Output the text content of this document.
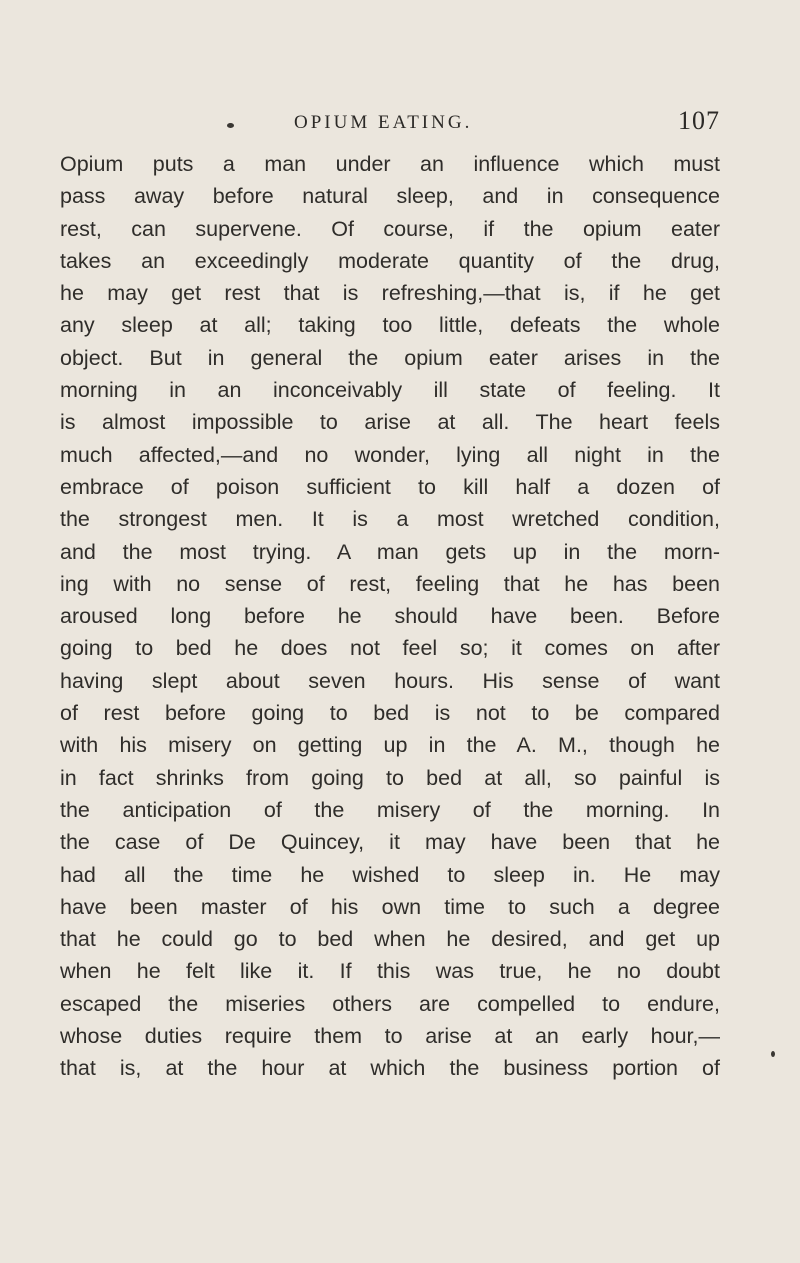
OPIUM EATING.	107
Opium puts a man under an influence which must
pass away before natural sleep, and in consequence
rest, can supervene. Of course, if the opium eater
takes an exceedingly moderate quantity of the drug,
he may get rest that is refreshing,—that is, if he get
any sleep at all; taking too little, defeats the whole
object. But in general the opium eater arises in the
morning in an inconceivably ill state of feeling. It
is almost impossible to arise at all. The heart feels
much affected,—and no wonder, lying all night in the
embrace of poison sufficient to kill half a dozen of
the strongest men. It is a most wretched condition,
and the most trying. A man gets up in the morn-
ing with no sense of rest, feeling that he has been
aroused long before he should have been. Before
going to bed he does not feel so; it comes on after
having slept about seven hours. His sense of want
of rest before going to bed is not to be compared
with his misery on getting up in the A. M., though he
in fact shrinks from going to bed at all, so painful is
the anticipation of the misery of the morning. In
the case of De Quincey, it may have been that he
had all the time he wished to sleep in. He may
have been master of his own time to such a degree
that he could go to bed when he desired, and get up
when he felt like it. If this was true, he no doubt
escaped the miseries others are compelled to endure,
whose duties require them to arise at an early hour,—
that is, at the hour at which the business portion of
